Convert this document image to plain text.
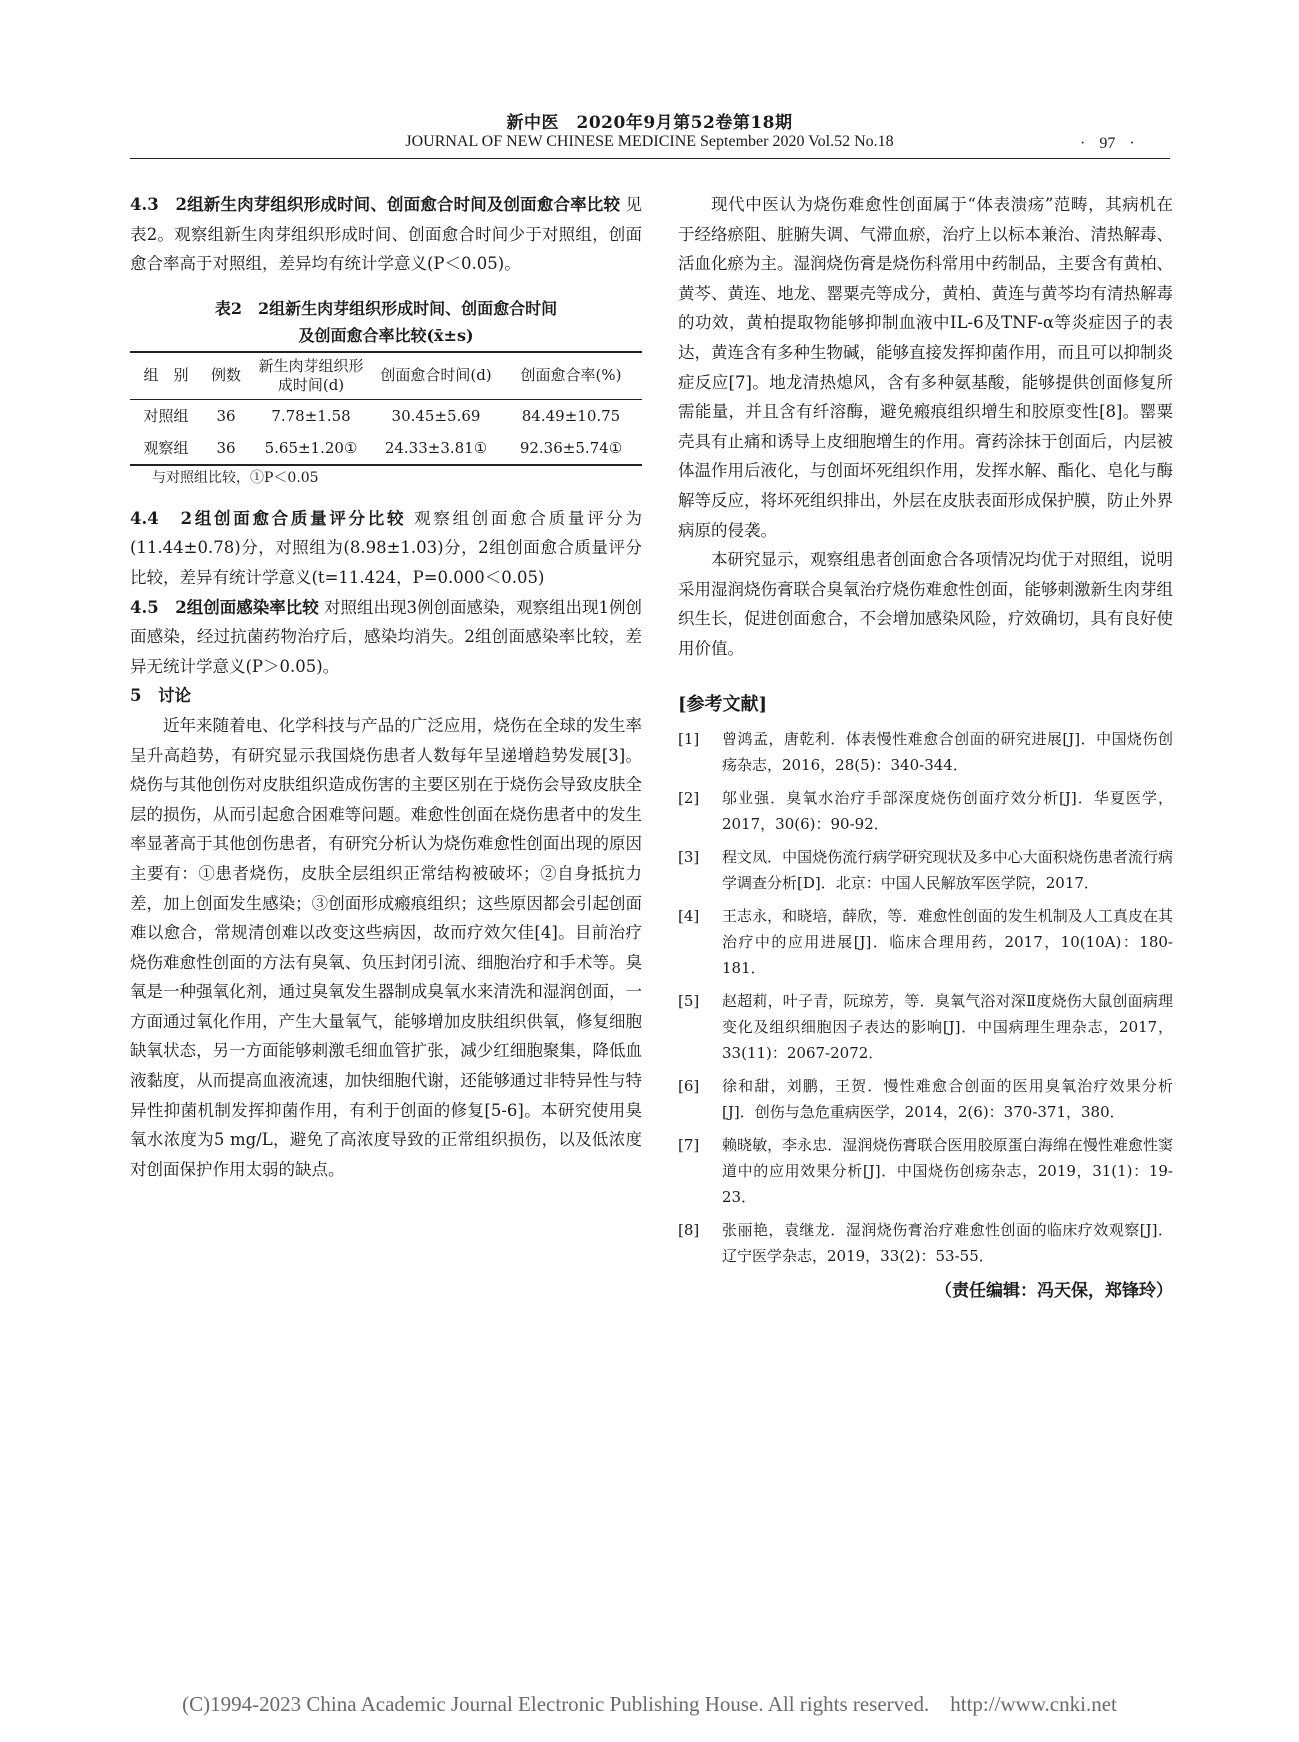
新中医　2020年9月第52卷第18期
JOURNAL OF NEW CHINESE MEDICINE September 2020 Vol.52 No.18	· 97 ·

4.3　2组新生肉芽组织形成时间、创面愈合时间及创面愈合率比较 见表2。观察组新生肉芽组织形成时间、创面愈合时间少于对照组，创面愈合率高于对照组，差异均有统计学意义(P＜0.05)。

表2　2组新生肉芽组织形成时间、创面愈合时间
及创面愈合率比较(x̄±s)
组　别	例数	新生肉芽组织形成时间(d)	创面愈合时间(d)	创面愈合率(%)
对照组	36	7.78±1.58	30.45±5.69	84.49±10.75
观察组	36	5.65±1.20①	24.33±3.81①	92.36±5.74①
与对照组比较，①P＜0.05

4.4　2组创面愈合质量评分比较 观察组创面愈合质量评分为(11.44±0.78)分，对照组为(8.98±1.03)分，2组创面愈合质量评分比较，差异有统计学意义(t=11.424，P=0.000＜0.05)

4.5　2组创面感染率比较 对照组出现3例创面感染，观察组出现1例创面感染，经过抗菌药物治疗后，感染均消失。2组创面感染率比较，差异无统计学意义(P＞0.05)。

5　讨论

近年来随着电、化学科技与产品的广泛应用，烧伤在全球的发生率呈升高趋势，有研究显示我国烧伤患者人数每年呈递增趋势发展[3]。烧伤与其他创伤对皮肤组织造成伤害的主要区别在于烧伤会导致皮肤全层的损伤，从而引起愈合困难等问题。难愈性创面在烧伤患者中的发生率显著高于其他创伤患者，有研究分析认为烧伤难愈性创面出现的原因主要有：①患者烧伤，皮肤全层组织正常结构被破坏；②自身抵抗力差，加上创面发生感染；③创面形成瘢痕组织；这些原因都会引起创面难以愈合，常规清创难以改变这些病因，故而疗效欠佳[4]。目前治疗烧伤难愈性创面的方法有臭氧、负压封闭引流、细胞治疗和手术等。臭氧是一种强氧化剂，通过臭氧发生器制成臭氧水来清洗和湿润创面，一方面通过氧化作用，产生大量氧气，能够增加皮肤组织供氧，修复细胞缺氧状态，另一方面能够刺激毛细血管扩张，减少红细胞聚集，降低血液黏度，从而提高血液流速，加快细胞代谢，还能够通过非特异性与特异性抑菌机制发挥抑菌作用，有利于创面的修复[5-6]。本研究使用臭氧水浓度为5 mg/L，避免了高浓度导致的正常组织损伤，以及低浓度对创面保护作用太弱的缺点。

现代中医认为烧伤难愈性创面属于“体表溃疡”范畴，其病机在于经络瘀阻、脏腑失调、气滞血瘀，治疗上以标本兼治、清热解毒、活血化瘀为主。湿润烧伤膏是烧伤科常用中药制品，主要含有黄柏、黄芩、黄连、地龙、罂粟壳等成分，黄柏、黄连与黄芩均有清热解毒的功效，黄柏提取物能够抑制血液中IL-6及TNF-α等炎症因子的表达，黄连含有多种生物碱，能够直接发挥抑菌作用，而且可以抑制炎症反应[7]。地龙清热熄风，含有多种氨基酸，能够提供创面修复所需能量，并且含有纤溶酶，避免瘢痕组织增生和胶原变性[8]。罂粟壳具有止痛和诱导上皮细胞增生的作用。膏药涂抹于创面后，内层被体温作用后液化，与创面坏死组织作用，发挥水解、酯化、皂化与酶解等反应，将坏死组织排出，外层在皮肤表面形成保护膜，防止外界病原的侵袭。

本研究显示，观察组患者创面愈合各项情况均优于对照组，说明采用湿润烧伤膏联合臭氧治疗烧伤难愈性创面，能够刺激新生肉芽组织生长，促进创面愈合，不会增加感染风险，疗效确切，具有良好使用价值。

[参考文献]
[1]	曾鸿孟，唐乾利．体表慢性难愈合创面的研究进展[J]．中国烧伤创疡杂志，2016，28(5)：340-344．
[2]	邬业强．臭氧水治疗手部深度烧伤创面疗效分析[J]．华夏医学，2017，30(6)：90-92．
[3]	程文凤．中国烧伤流行病学研究现状及多中心大面积烧伤患者流行病学调查分析[D]．北京：中国人民解放军医学院，2017．
[4]	王志永，和晓培，薛欣，等．难愈性创面的发生机制及人工真皮在其治疗中的应用进展[J]．临床合理用药，2017，10(10A)：180-181．
[5]	赵超莉，叶子青，阮琼芳，等．臭氧气浴对深Ⅱ度烧伤大鼠创面病理变化及组织细胞因子表达的影响[J]．中国病理生理杂志，2017，33(11)：2067-2072．
[6]	徐和甜，刘鹏，王贺．慢性难愈合创面的医用臭氧治疗效果分析[J]．创伤与急危重病医学，2014，2(6)：370-371，380．
[7]	赖晓敏，李永忠．湿润烧伤膏联合医用胶原蛋白海绵在慢性难愈性窦道中的应用效果分析[J]．中国烧伤创疡杂志，2019，31(1)：19-23．
[8]	张丽艳，袁继龙．湿润烧伤膏治疗难愈性创面的临床疗效观察[J]．辽宁医学杂志，2019，33(2)：53-55．
（责任编辑：冯天保，郑锋玲）
(C)1994-2023 China Academic Journal Electronic Publishing House. All rights reserved.　http://www.cnki.net
